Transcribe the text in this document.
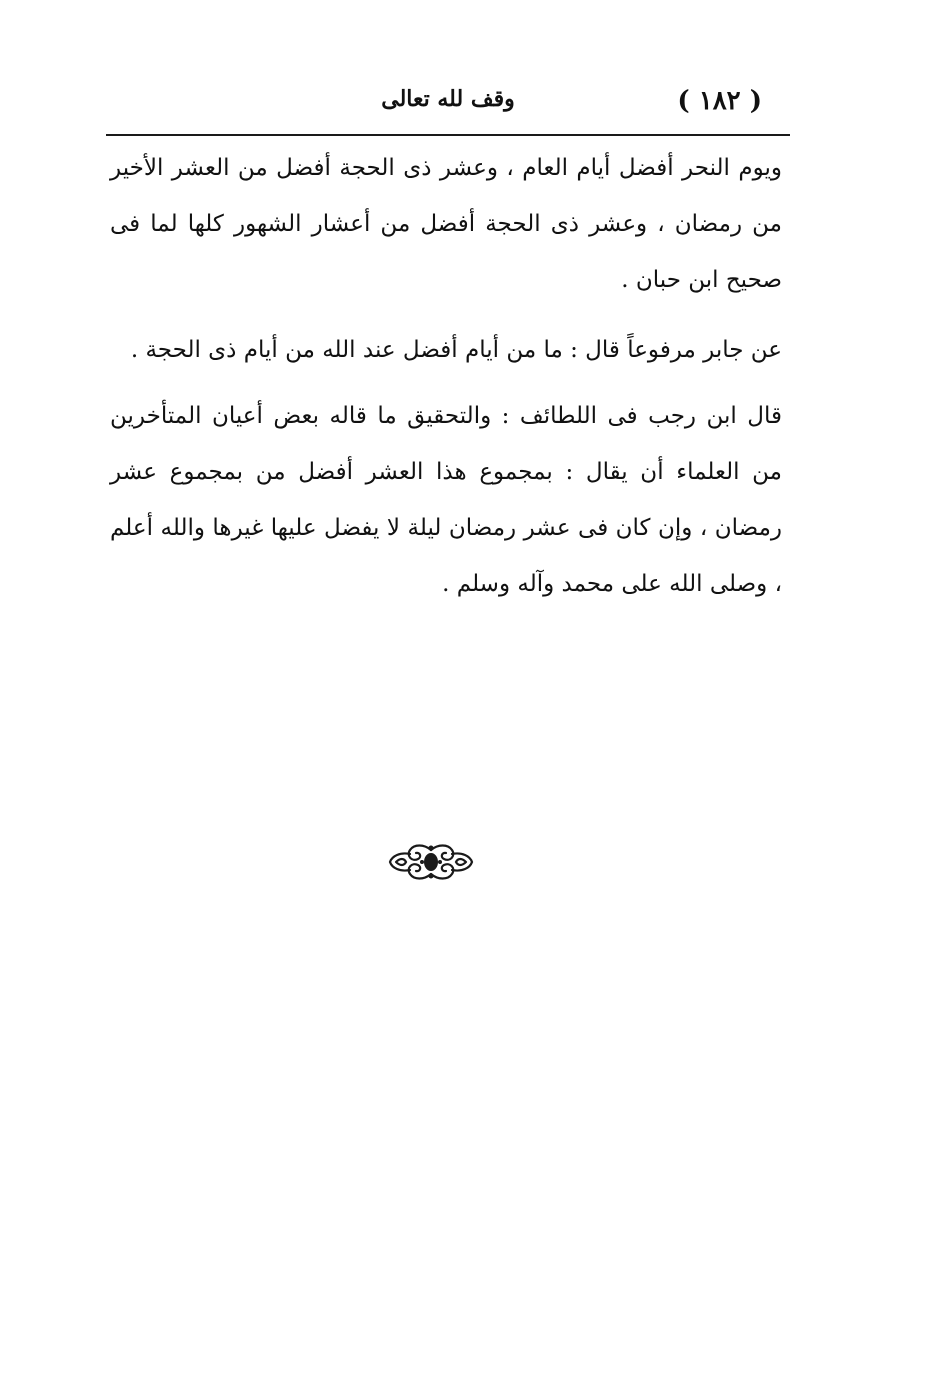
( ١٨٢ )
وقف لله تعالى

ويوم النحر أفضل أيام العام ، وعشر ذى الحجة أفضل من العشر الأخير من رمضان ، وعشر ذى الحجة أفضل من أعشار الشهور كلها لما فى صحيح ابن حبان .

عن جابر مرفوعاً قال : ما من أيام أفضل عند الله من أيام ذى الحجة .

قال ابن رجب فى اللطائف : والتحقيق ما قاله بعض أعيان المتأخرين من العلماء أن يقال : بمجموع هذا العشر أفضل من بمجموع عشر رمضان ، وإن كان فى عشر رمضان ليلة لا يفضل عليها غيرها والله أعلم ، وصلى الله على محمد وآله وسلم .
